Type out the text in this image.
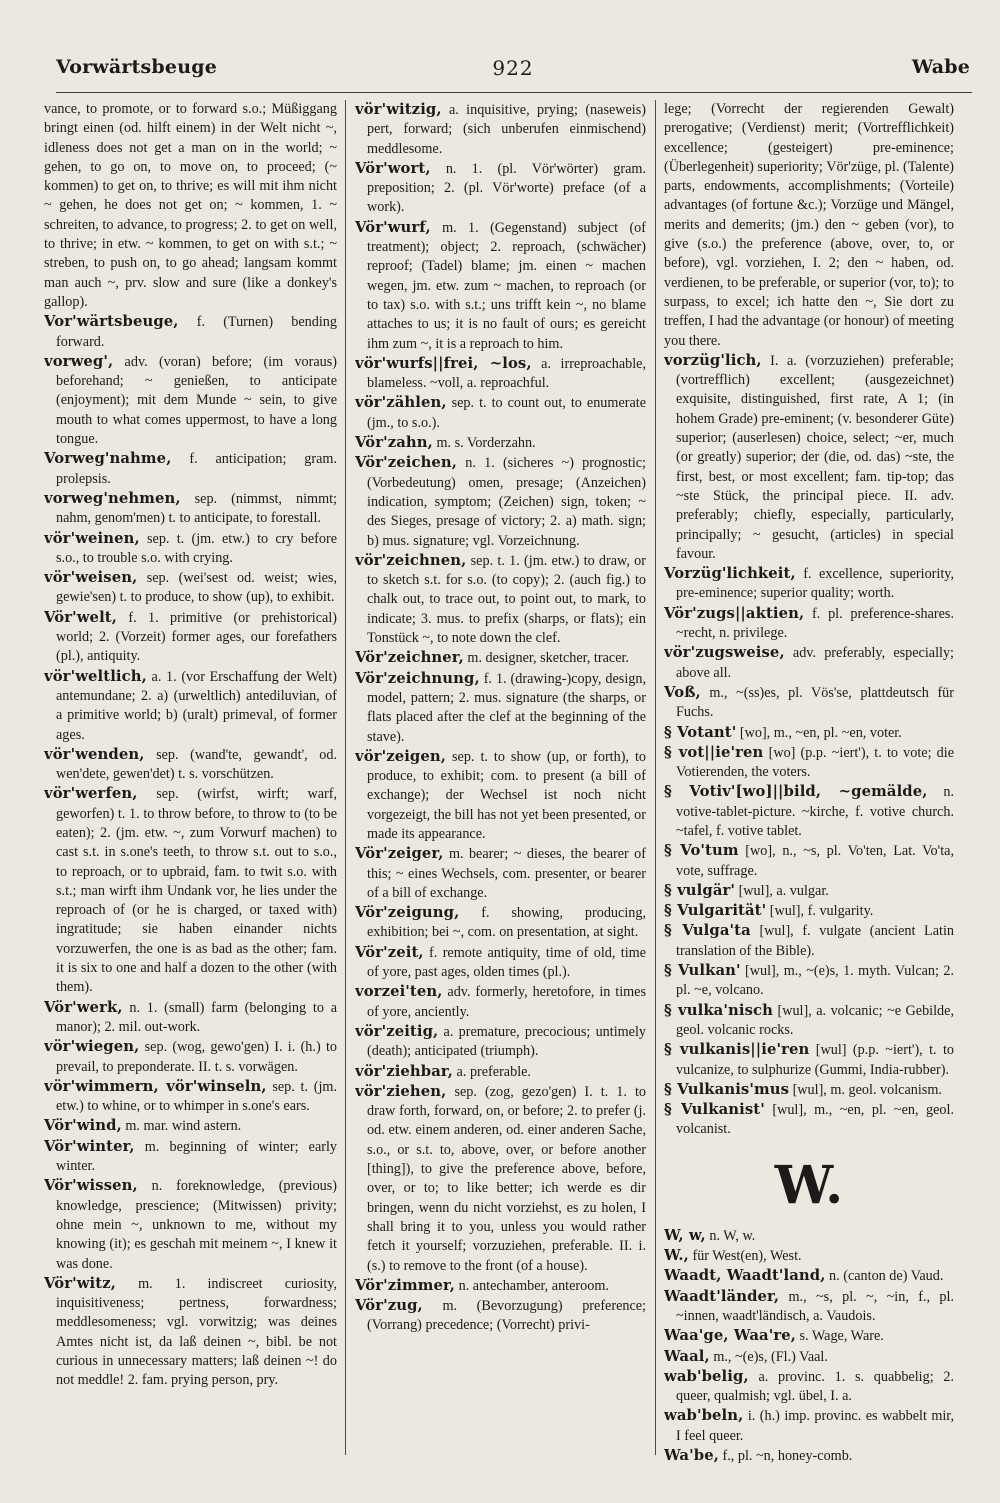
Vorwärtsbeuge	922	Wabe

vance, to promote, or to forward s.o.; Müßiggang bringt einen (od. hilft einem) in der Welt nicht ~, idleness does not get a man on in the world; ~ gehen, to go on, to move on, to proceed; (~ kommen) to get on, to thrive; es will mit ihm nicht ~ gehen, he does not get on; ~ kommen, 1. ~ schreiten, to advance, to progress; 2. to get on well, to thrive; in etw. ~ kommen, to get on with s.t.; ~ streben, to push on, to go ahead; langsam kommt man auch ~, prv. slow and sure (like a donkey's gallop).

Vor'wärtsbeuge, f. (Turnen) bending forward.

vorweg', adv. (voran) before; (im voraus) beforehand; ~ genießen, to anticipate (enjoyment); mit dem Munde ~ sein, to give mouth to what comes uppermost, to have a long tongue.

Vorweg'nahme, f. anticipation; gram. prolepsis.

vorweg'nehmen, sep. (nimmst, nimmt; nahm, genom'men) t. to anticipate, to forestall.

vör'weinen, sep. t. (jm. etw.) to cry before s.o., to trouble s.o. with crying.

vör'weisen, sep. (wei'sest od. weist; wies, gewie'sen) t. to produce, to show (up), to exhibit.

Vör'welt, f. 1. primitive (or prehistorical) world; 2. (Vorzeit) former ages, our forefathers (pl.), antiquity.

vör'weltlich, a. 1. (vor Erschaffung der Welt) antemundane; 2. a) (urweltlich) antediluvian, of a primitive world; b) (uralt) primeval, of former ages.

vör'wenden, sep. (wand'te, gewandt', od. wen'dete, gewen'det) t. s. vorschützen.

vör'werfen, sep. (wirfst, wirft; warf, geworfen) t. 1. to throw before, to throw to (to be eaten); 2. (jm. etw. ~, zum Vorwurf machen) to cast s.t. in s.one's teeth, to throw s.t. out to s.o., to reproach, or to upbraid, fam. to twit s.o. with s.t.; man wirft ihm Undank vor, he lies under the reproach of (or he is charged, or taxed with) ingratitude; sie haben einander nichts vorzuwerfen, the one is as bad as the other; fam. it is six to one and half a dozen to the other (with them).

Vör'werk, n. 1. (small) farm (belonging to a manor); 2. mil. out-work.

vör'wiegen, sep. (wog, gewo'gen) I. i. (h.) to prevail, to preponderate. II. t. s. vorwägen.

vör'wimmern, vör'winseln, sep. t. (jm. etw.) to whine, or to whimper in s.one's ears.

Vör'wind, m. mar. wind astern.

Vör'winter, m. beginning of winter; early winter.

Vör'wissen, n. foreknowledge, (previous) knowledge, prescience; (Mitwissen) privity; ohne mein ~, unknown to me, without my knowing (it); es geschah mit meinem ~, I knew it was done.

Vör'witz, m. 1. indiscreet curiosity, inquisitiveness; pertness, forwardness; meddlesomeness; vgl. vorwitzig; was deines Amtes nicht ist, da laß deinen ~, bibl. be not curious in unnecessary matters; laß deinen ~! do not meddle! 2. fam. prying person, pry.

vör'witzig, a. inquisitive, prying; (naseweis) pert, forward; (sich unberufen einmischend) meddlesome.

Vör'wort, n. 1. (pl. Vör'wörter) gram. preposition; 2. (pl. Vör'worte) preface (of a work).

Vör'wurf, m. 1. (Gegenstand) subject (of treatment); object; 2. reproach, (schwächer) reproof; (Tadel) blame; jm. einen ~ machen wegen, jm. etw. zum ~ machen, to reproach (or to tax) s.o. with s.t.; uns trifft kein ~, no blame attaches to us; it is no fault of ours; es gereicht ihm zum ~, it is a reproach to him.

vör'wurfs||frei, ~los, a. irreproachable, blameless. ~voll, a. reproachful.

vör'zählen, sep. t. to count out, to enumerate (jm., to s.o.).

Vör'zahn, m. s. Vorderzahn.

Vör'zeichen, n. 1. (sicheres ~) prognostic; (Vorbedeutung) omen, presage; (Anzeichen) indication, symptom; (Zeichen) sign, token; ~ des Sieges, presage of victory; 2. a) math. sign; b) mus. signature; vgl. Vorzeichnung.

vör'zeichnen, sep. t. 1. (jm. etw.) to draw, or to sketch s.t. for s.o. (to copy); 2. (auch fig.) to chalk out, to trace out, to point out, to mark, to indicate; 3. mus. to prefix (sharps, or flats); ein Tonstück ~, to note down the clef.

Vör'zeichner, m. designer, sketcher, tracer.

Vör'zeichnung, f. 1. (drawing-)copy, design, model, pattern; 2. mus. signature (the sharps, or flats placed after the clef at the beginning of the stave).

vör'zeigen, sep. t. to show (up, or forth), to produce, to exhibit; com. to present (a bill of exchange); der Wechsel ist noch nicht vorgezeigt, the bill has not yet been presented, or made its appearance.

Vör'zeiger, m. bearer; ~ dieses, the bearer of this; ~ eines Wechsels, com. presenter, or bearer of a bill of exchange.

Vör'zeigung, f. showing, producing, exhibition; bei ~, com. on presentation, at sight.

Vör'zeit, f. remote antiquity, time of old, time of yore, past ages, olden times (pl.).

vorzei'ten, adv. formerly, heretofore, in times of yore, anciently.

vör'zeitig, a. premature, precocious; untimely (death); anticipated (triumph).

vör'ziehbar, a. preferable.

vör'ziehen, sep. (zog, gezo'gen) I. t. 1. to draw forth, forward, on, or before; 2. to prefer (j. od. etw. einem anderen, od. einer anderen Sache, s.o., or s.t. to, above, over, or before another [thing]), to give the preference above, before, over, or to; to like better; ich werde es dir bringen, wenn du nicht vorziehst, es zu holen, I shall bring it to you, unless you would rather fetch it yourself; vorzuziehen, preferable. II. i. (s.) to remove to the front (of a house).

Vör'zimmer, n. antechamber, anteroom.

Vör'zug, m. (Bevorzugung) preference; (Vorrang) precedence; (Vorrecht) privi-

lege; (Vorrecht der regierenden Gewalt) prerogative; (Verdienst) merit; (Vortrefflichkeit) excellence; (gesteigert) pre-eminence; (Überlegenheit) superiority; Vör'züge, pl. (Talente) parts, endowments, accomplishments; (Vorteile) advantages (of fortune &c.); Vorzüge und Mängel, merits and demerits; (jm.) den ~ geben (vor), to give (s.o.) the preference (above, over, to, or before), vgl. vorziehen, I. 2; den ~ haben, od. verdienen, to be preferable, or superior (vor, to); to surpass, to excel; ich hatte den ~, Sie dort zu treffen, I had the advantage (or honour) of meeting you there.

vorzüg'lich, I. a. (vorzuziehen) preferable; (vortrefflich) excellent; (ausgezeichnet) exquisite, distinguished, first rate, A 1; (in hohem Grade) pre-eminent; (v. besonderer Güte) superior; (auserlesen) choice, select; ~er, much (or greatly) superior; der (die, od. das) ~ste, the first, best, or most excellent; fam. tip-top; das ~ste Stück, the principal piece. II. adv. preferably; chiefly, especially, particularly, principally; ~ gesucht, (articles) in special favour.

Vorzüg'lichkeit, f. excellence, superiority, pre-eminence; superior quality; worth.

Vör'zugs||aktien, f. pl. preference-shares. ~recht, n. privilege.

vör'zugsweise, adv. preferably, especially; above all.

Voß, m., ~(ss)es, pl. Vös'se, plattdeutsch für Fuchs.

§ Votant' [wo], m., ~en, pl. ~en, voter.

§ vot||ie'ren [wo] (p.p. ~iert'), t. to vote; die Votierenden, the voters.

§ Votiv'[wo]||bild, ~gemälde, n. votive-tablet-picture. ~kirche, f. votive church. ~tafel, f. votive tablet.

§ Vo'tum [wo], n., ~s, pl. Vo'ten, Lat. Vo'ta, vote, suffrage.

§ vulgär' [wul], a. vulgar.

§ Vulgarität' [wul], f. vulgarity.

§ Vulga'ta [wul], f. vulgate (ancient Latin translation of the Bible).

§ Vulkan' [wul], m., ~(e)s, 1. myth. Vulcan; 2. pl. ~e, volcano.

§ vulka'nisch [wul], a. volcanic; ~e Gebilde, geol. volcanic rocks.

§ vulkanis||ie'ren [wul] (p.p. ~iert'), t. to vulcanize, to sulphurize (Gummi, India-rubber).

§ Vulkanis'mus [wul], m. geol. volcanism.

§ Vulkanist' [wul], m., ~en, pl. ~en, geol. volcanist.

W.

W, w, n. W, w.

W., für West(en), West.

Waadt, Waadt'land, n. (canton de) Vaud.

Waadt'länder, m., ~s, pl. ~, ~in, f., pl. ~innen, waadt'ländisch, a. Vaudois.

Waa'ge, Waa're, s. Wage, Ware.

Waal, m., ~(e)s, (Fl.) Vaal.

wab'belig, a. provinc. 1. s. quabbelig; 2. queer, qualmish; vgl. übel, I. a.

wab'beln, i. (h.) imp. provinc. es wabbelt mir, I feel queer.

Wa'be, f., pl. ~n, honey-comb.
